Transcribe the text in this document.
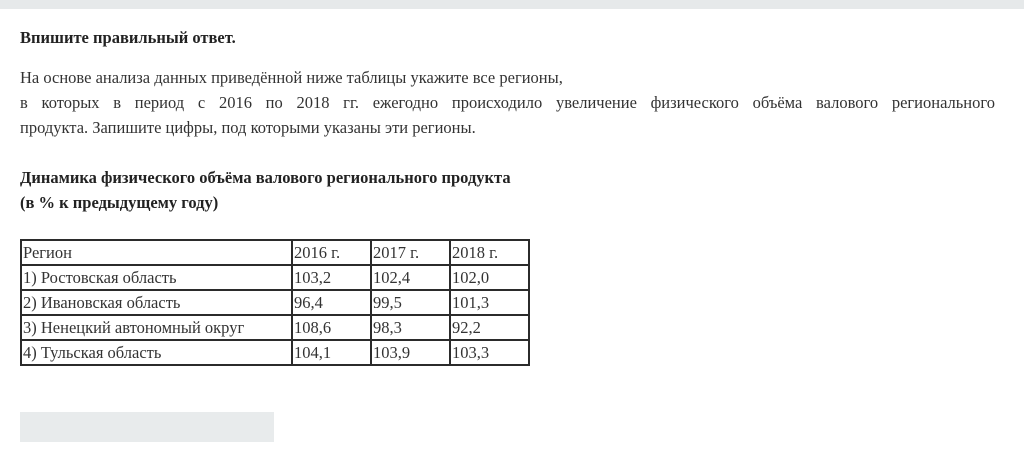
Впишите правильный ответ.

На основе анализа данных приведённой ниже таблицы укажите все регионы,
в которых в период с 2016 по 2018 гг. ежегодно происходило увеличение физического объёма валового регионального
продукта. Запишите цифры, под которыми указаны эти регионы.

Динамика физического объёма валового регионального продукта
(в % к предыдущему году)
Регион	2016 г.	2017 г.	2018 г.
1) Ростовская область	103,2	102,4	102,0
2) Ивановская область	96,4	99,5	101,3
3) Ненецкий автономный округ	108,6	98,3	92,2
4) Тульская область	104,1	103,9	103,3
